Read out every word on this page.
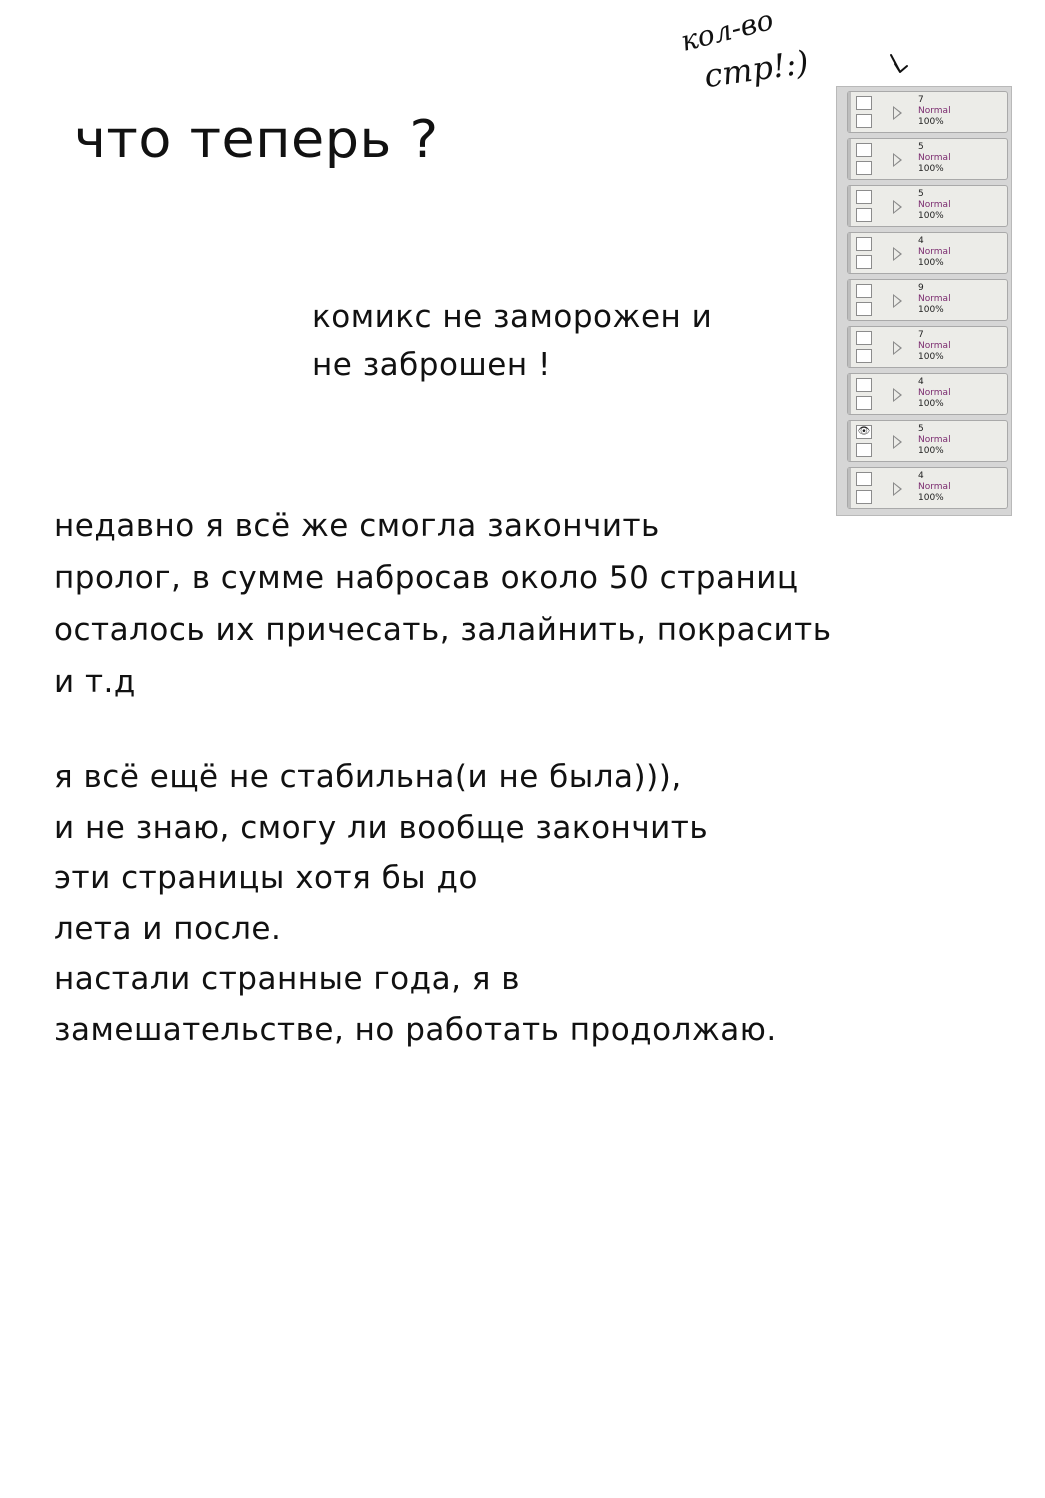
что теперь ?
кол-во
стр!:)
комикс не заморожен и
не заброшен !
недавно я всё же смогла закончить
пролог, в сумме набросав около 50 страниц
осталось их причесать, залайнить, покрасить
и т.д
я всё ещё не стабильна(и не была))),
и не знаю, смогу ли вообще закончить
эти страницы хотя бы до
лета и после.
настали странные года, я в
замешательстве, но работать продолжаю.
7
Normal
100%
5
Normal
100%
5
Normal
100%
4
Normal
100%
9
Normal
100%
7
Normal
100%
4
Normal
100%
👁	5
Normal
100%
4
Normal
100%
